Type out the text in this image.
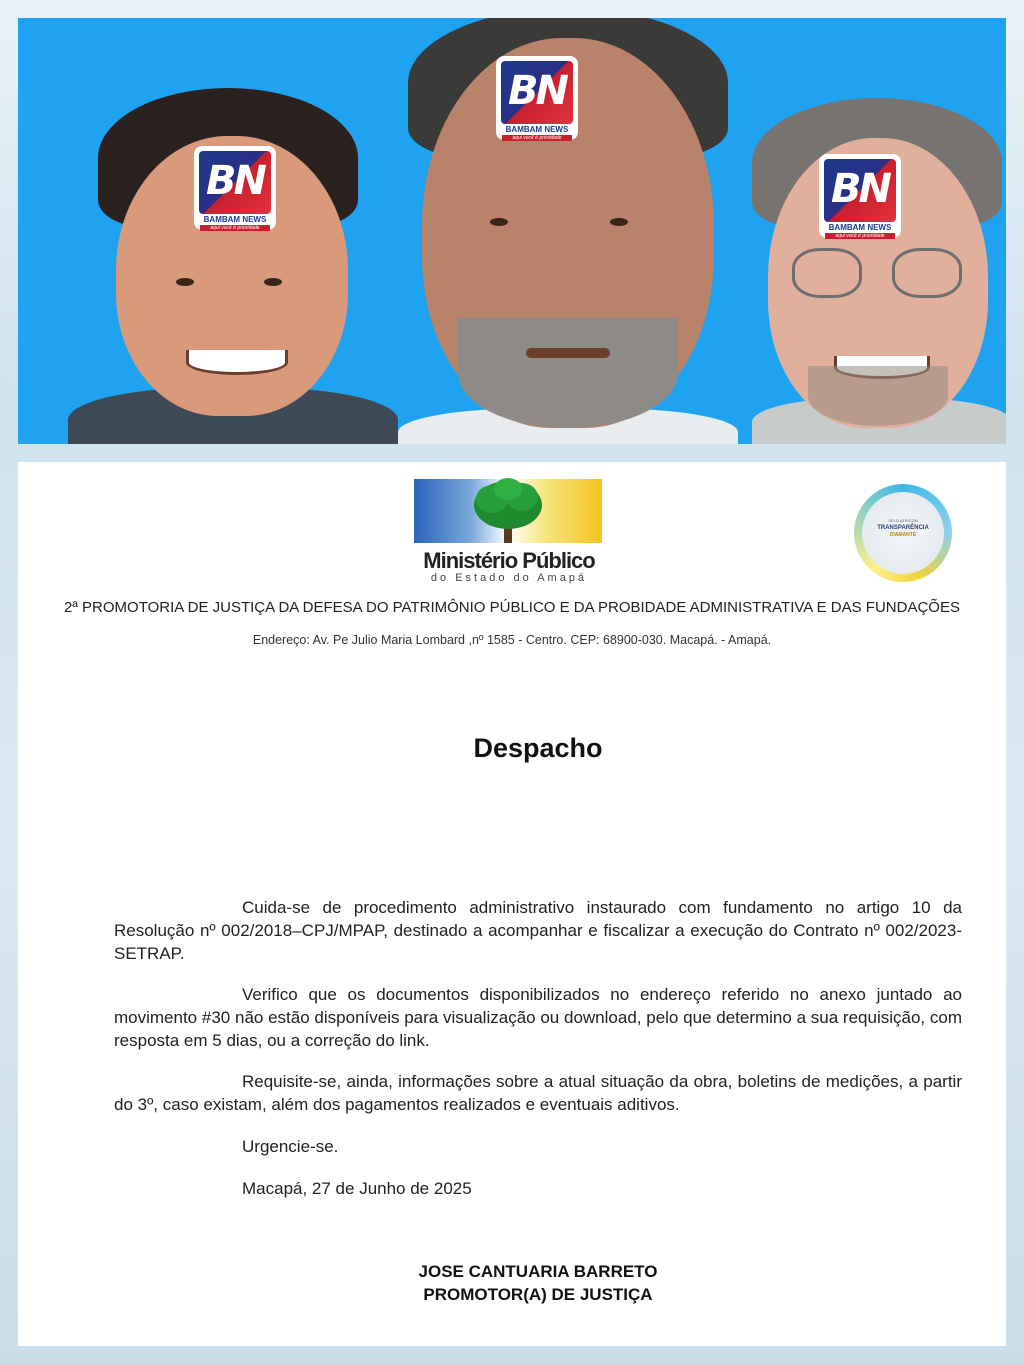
BN
BAMBAM NEWS
aqui você é prioridade
BN
BAMBAM NEWS
aqui você é prioridade
BN
BAMBAM NEWS
aqui você é prioridade
Ministério Público
do Estado do Amapá
SELO ATRICON
TRANSPARÊNCIA
DIAMANTE
2ª PROMOTORIA DE JUSTIÇA DA DEFESA DO PATRIMÔNIO PÚBLICO E DA PROBIDADE ADMINISTRATIVA E DAS FUNDAÇÕES
Endereço: Av. Pe Julio Maria Lombard ,nº 1585 - Centro. CEP: 68900-030. Macapá. - Amapá.
Despacho

Cuida-se de procedimento administrativo instaurado com fundamento no artigo 10 da Resolução nº 002/2018–CPJ/MPAP, destinado a acompanhar e fiscalizar a execução do Contrato nº 002/2023-SETRAP.

Verifico que os documentos disponibilizados no endereço referido no anexo juntado ao movimento #30 não estão disponíveis para visualização ou download, pelo que determino a sua requisição, com resposta em 5 dias, ou a correção do link.

Requisite-se, ainda, informações sobre a atual situação da obra, boletins de medições, a partir do 3º, caso existam, além dos pagamentos realizados e eventuais aditivos.

Urgencie-se.

Macapá, 27 de Junho de 2025

JOSE CANTUARIA BARRETO
PROMOTOR(A) DE JUSTIÇA
